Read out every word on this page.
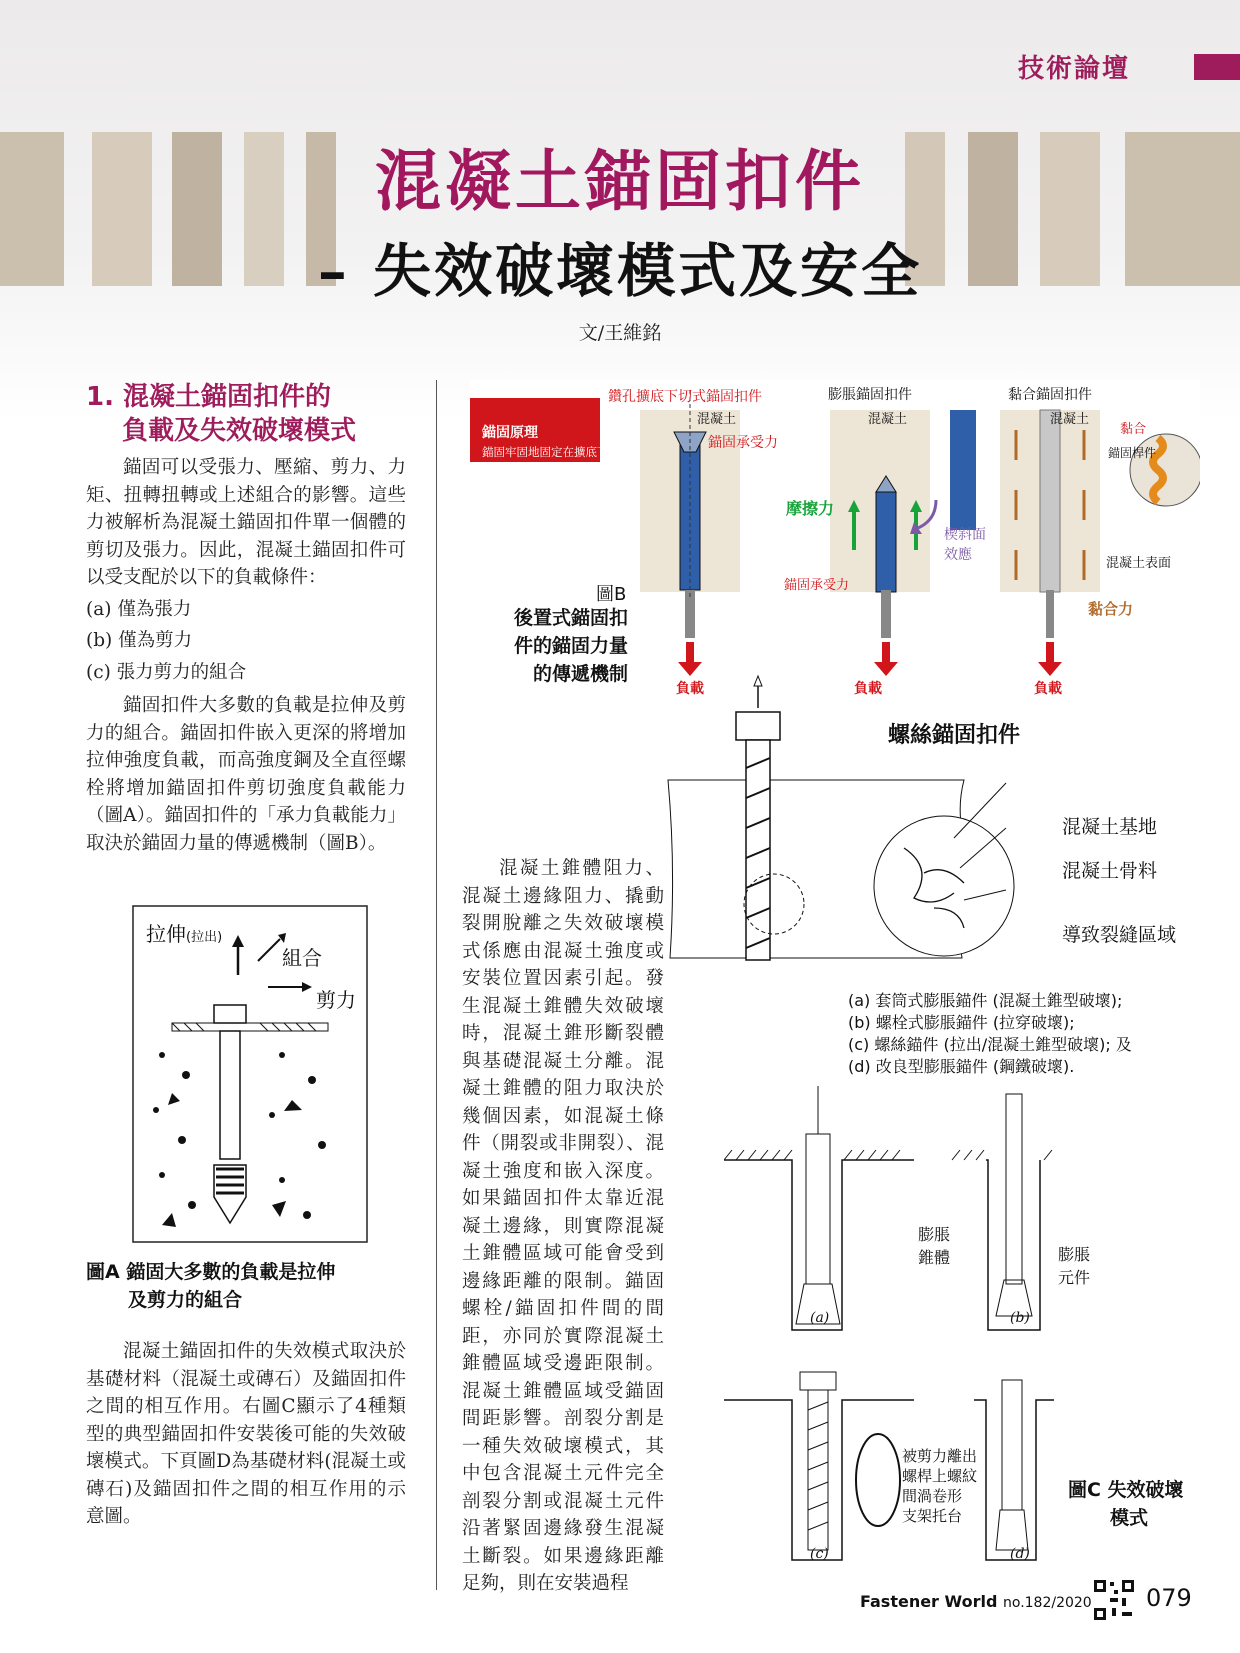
技術論壇
混凝土錨固扣件
– 失效破壞模式及安全
文/王維銘
1. 混凝土錨固扣件的
負載及失效破壞模式

錨固可以受張力、壓縮、剪力、力矩、扭轉扭轉或上述組合的影響。這些力被解析為混凝土錨固扣件單一個體的剪切及張力。因此，混凝土錨固扣件可以受支配於以下的負載條件：

(a) 僅為張力

(b) 僅為剪力

(c) 張力剪力的組合

錨固扣件大多數的負載是拉伸及剪力的組合。錨固扣件嵌入更深的將增加拉伸強度負載，而高強度鋼及全直徑螺栓將增加錨固扣件剪切強度負載能力（圖A）。錨固扣件的「承力負載能力」取決於錨固力量的傳遞機制（圖B）。

拉伸(拉出)
組合
剪力
圖A 錨固大多數的負載是拉伸
及剪力的組合

混凝土錨固扣件的失效模式取決於基礎材料（混凝土或磚石）及錨固扣件之間的相互作用。右圖C顯示了4種類型的典型錨固扣件安裝後可能的失效破壞模式。下頁圖D為基礎材料(混凝土或磚石)及錨固扣件之間的相互作用的示意圖。

鑽孔擴底下切式錨固扣件	膨脹錨固扣件	黏合錨固扣件
混凝土	混凝土	混凝土
錨固原理
錨固牢固地固定在擴底下
切孔上。（機械互鎖）
錨固承受力
摩擦力
楔斜面
效應
錨固承受力
黏合
錨固桿件
混凝土表面
黏合力
負載	負載	負載
圖B
後置式錨固扣
件的錨固力量
的傳遞機制

混凝土錐體阻力、混凝土邊緣阻力、撬動裂開脫離之失效破壞模式係應由混凝土強度或安裝位置因素引起。發生混凝土錐體失效破壞時，混凝土錐形斷裂體與基礎混凝土分離。混凝土錐體的阻力取決於幾個因素，如混凝土條件（開裂或非開裂）、混凝土強度和嵌入深度。如果錨固扣件太靠近混凝土邊緣，則實際混凝土錐體區域可能會受到邊緣距離的限制。錨固螺栓/錨固扣件間的間距，亦同於實際混凝土錐體區域受邊距限制。混凝土錐體區域受錨固間距影響。剖裂分割是一種失效破壞模式，其中包含混凝土元件完全剖裂分割或混凝土元件沿著緊固邊緣發生混凝土斷裂。如果邊緣距離足夠，則在安裝過程

螺絲錨固扣件
混凝土基地
混凝土骨料
導致裂縫區域
(a) 套筒式膨脹錨件 (混凝土錐型破壞);
(b) 螺栓式膨脹錨件 (拉穿破壞);
(c) 螺絲錨件 (拉出/混凝土錐型破壞); 及
(d) 改良型膨脹錨件 (鋼鐵破壞).
膨脹
錐體	膨脹
元件
(a)	(b)
(c)	(d)
被剪力離出
螺桿上螺紋
間渦卷形
支架托台
圖C 失效破壞
模式
Fastener World no.182/2020 079
